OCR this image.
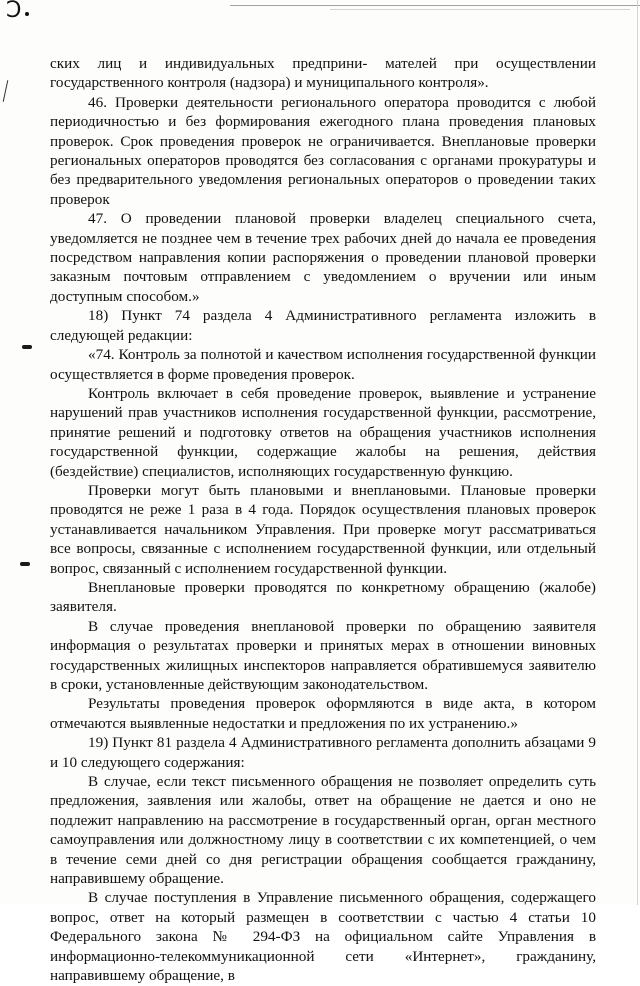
Ɔ

ских лиц и индивидуальных предприни- мателей при осуществлении государственного контроля (надзора) и муниципального контроля».

46. Проверки деятельности регионального оператора проводится с любой периодичностью и без формирования ежегодного плана проведения плановых проверок. Срок проведения проверок не ограничивается. Внеплановые проверки региональных операторов проводятся без согласования с органами прокуратуры и без предварительного уведомления региональных операторов о проведении таких проверок

47. О проведении плановой проверки владелец специального счета, уведомляется не позднее чем в течение трех рабочих дней до начала ее проведения посредством направления копии распоряжения о проведении плановой проверки заказным почтовым отправлением с уведомлением о вручении или иным доступным способом.»

18) Пункт 74 раздела 4 Административного регламента изложить в следующей редакции:

«74. Контроль за полнотой и качеством исполнения государственной функции осуществляется в форме проведения проверок.

Контроль включает в себя проведение проверок, выявление и устранение нарушений прав участников исполнения государственной функции, рассмотрение, принятие решений и подготовку ответов на обращения участников исполнения государственной функции, содержащие жалобы на решения, действия (бездействие) специалистов, исполняющих государственную функцию.

Проверки могут быть плановыми и внеплановыми. Плановые проверки проводятся не реже 1 раза в 4 года. Порядок осуществления плановых проверок устанавливается начальником Управления. При проверке могут рассматриваться все вопросы, связанные с исполнением государственной функции, или отдельный вопрос, связанный с исполнением государственной функции.

Внеплановые проверки проводятся по конкретному обращению (жалобе) заявителя.

В случае проведения внеплановой проверки по обращению заявителя информация о результатах проверки и принятых мерах в отношении виновных государственных жилищных инспекторов направляется обратившемуся заявителю в сроки, установленные действующим законодательством.

Результаты проведения проверок оформляются в виде акта, в котором отмечаются выявленные недостатки и предложения по их устранению.»

19) Пункт 81 раздела 4 Административного регламента дополнить абзацами 9 и 10 следующего содержания:

В случае, если текст письменного обращения не позволяет определить суть предложения, заявления или жалобы, ответ на обращение не дается и оно не подлежит направлению на рассмотрение в государственный орган, орган местного самоуправления или должностному лицу в соответствии с их компетенцией, о чем в течение семи дней со дня регистрации обращения сообщается гражданину, направившему обращение.

В случае поступления в Управление письменного обращения, содержащего вопрос, ответ на который размещен в соответствии с частью 4 статьи 10 Федерального закона № 294-ФЗ на официальном сайте Управления в информационно-телекоммуникационной сети «Интернет», гражданину, направившему обращение, в
